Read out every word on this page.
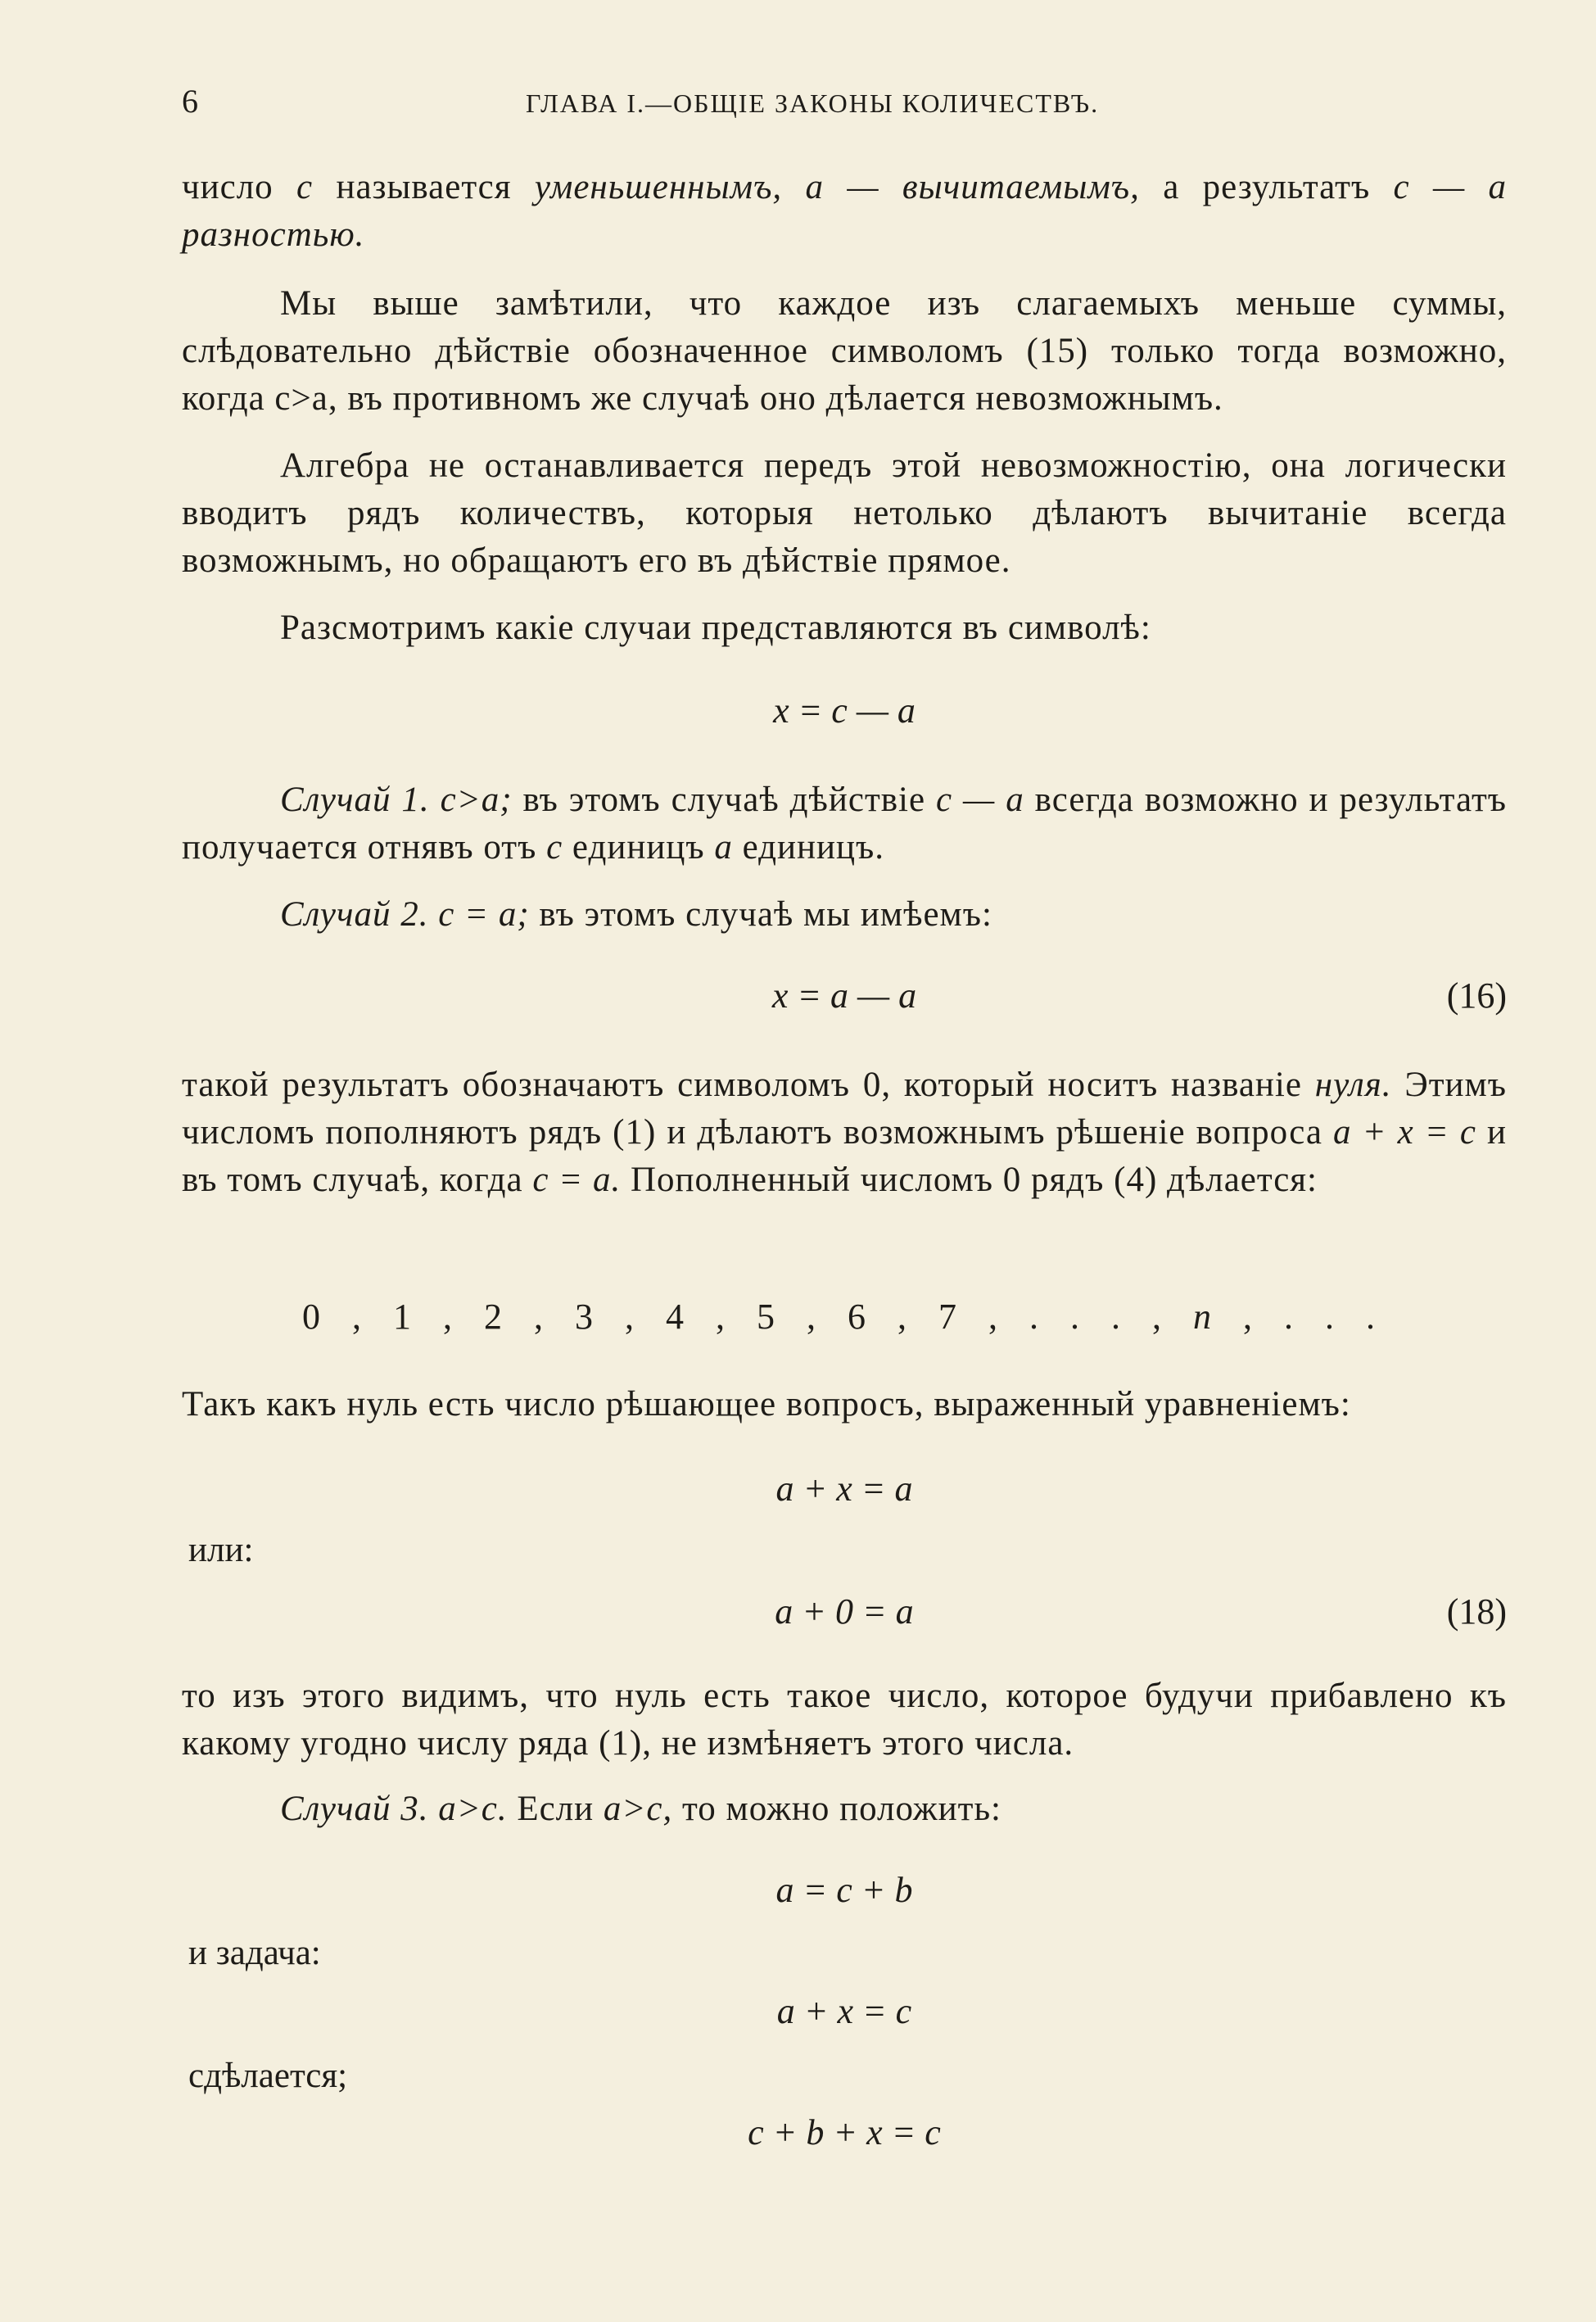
6	ГЛАВА I.—ОБЩІЕ ЗАКОНЫ КОЛИЧЕСТВЪ.
число c называется уменьшеннымъ, a — вычитаемымъ, а результатъ c — a разностью.
Мы выше замѣтили, что каждое изъ слагаемыхъ меньше суммы, слѣдовательно дѣйствіе обозначенное символомъ (15) только тогда возможно, когда c>a, въ противномъ же случаѣ оно дѣлается невозможнымъ.
Алгебра не останавливается передъ этой невозможностію, она логически вводитъ рядъ количествъ, которыя нетолько дѣлаютъ вычитаніе всегда возможнымъ, но обращаютъ его въ дѣйствіе прямое.
Разсмотримъ какіе случаи представляются въ символѣ:
x = c — a
Случай 1. c>a; въ этомъ случаѣ дѣйствіе c — a всегда возможно и результатъ получается отнявъ отъ c единицъ a единицъ.
Случай 2. c = a; въ этомъ случаѣ мы имѣемъ:
x = a — a	(16)
такой результатъ обозначаютъ символомъ 0, который носитъ названіе нуля. Этимъ числомъ пополняютъ рядъ (1) и дѣлаютъ возможнымъ рѣшеніе вопроса a + x = c и въ томъ случаѣ, когда c = a. Пополненный числомъ 0 рядъ (4) дѣлается:
0 , 1 , 2 , 3 , 4 , 5 , 6 , 7 , . . . , n , . . .
Такъ какъ нуль есть число рѣшающее вопросъ, выраженный уравненіемъ:
a + x = a
или:
a + 0 = a	(18)
то изъ этого видимъ, что нуль есть такое число, которое будучи прибавлено къ какому угодно числу ряда (1), не измѣняетъ этого числа.
Случай 3. a>c. Если a>c, то можно положить:
a = c + b
и задача:
a + x = c
сдѣлается;
c + b + x = c
